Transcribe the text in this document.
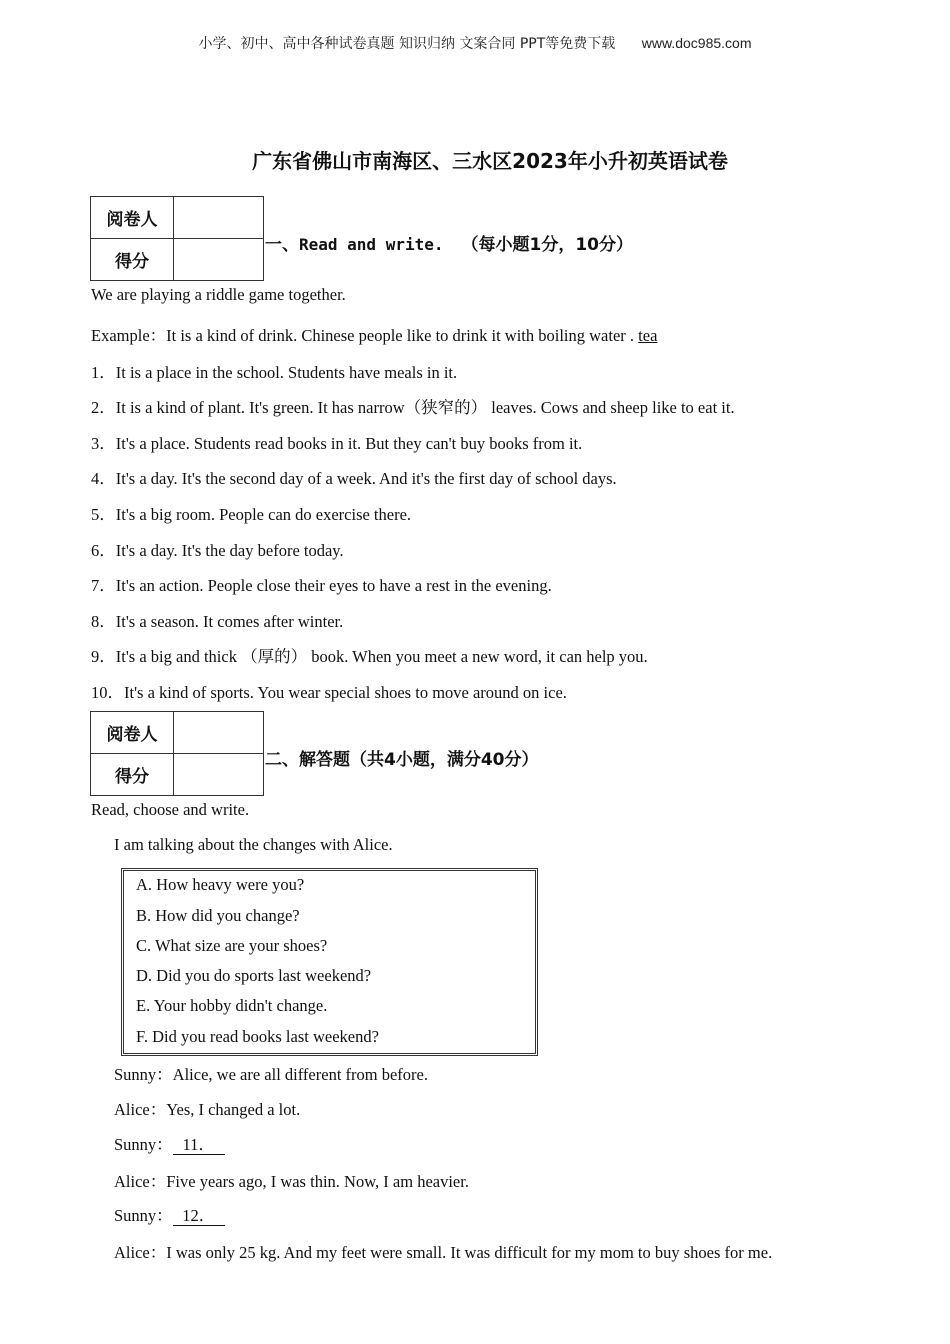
小学、初中、高中各种试卷真题 知识归纳 文案合同 PPT等免费下载 www.doc985.com
广东省佛山市南海区、三水区2023年小升初英语试卷
阅卷人	
得分	
一、Read and write. （每小题1分，10分）
We are playing a riddle game together.
Example：It is a kind of drink. Chinese people like to drink it with boiling water . tea
1．It is a place in the school. Students have meals in it.
2．It is a kind of plant. It's green. It has narrow（狭窄的） leaves. Cows and sheep like to eat it.
3．It's a place. Students read books in it. But they can't buy books from it.
4．It's a day. It's the second day of a week. And it's the first day of school days.
5．It's a big room. People can do exercise there.
6．It's a day. It's the day before today.
7．It's an action. People close their eyes to have a rest in the evening.
8．It's a season. It comes after winter.
9．It's a big and thick （厚的） book. When you meet a new word, it can help you.
10．It's a kind of sports. You wear special shoes to move around on ice.
阅卷人	
得分	
二、解答题（共4小题，满分40分）
Read, choose and write.
I am talking about the changes with Alice.
A. How heavy were you?
B. How did you change?
C. What size are your shoes?
D. Did you do sports last weekend?
E. Your hobby didn't change.
F. Did you read books last weekend?
Sunny：Alice, we are all different from before.
Alice：Yes, I changed a lot.
Sunny： 11．
Alice：Five years ago, I was thin. Now, I am heavier.
Sunny： 12．
Alice：I was only 25 kg. And my feet were small. It was difficult for my mom to buy shoes for me.
